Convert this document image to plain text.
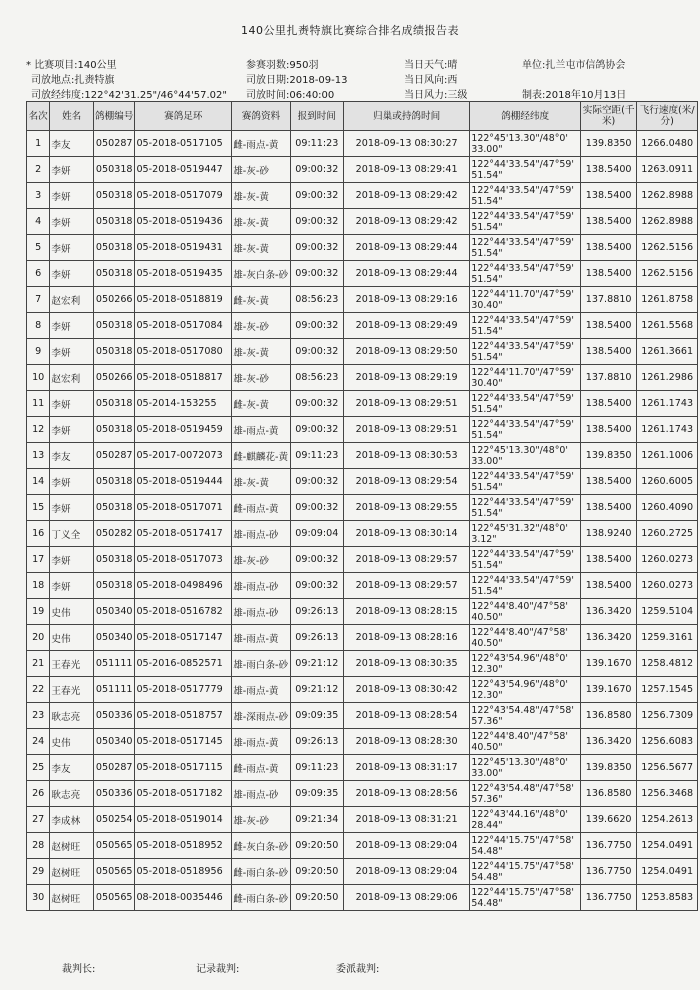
140公里扎赉特旗比赛综合排名成绩报告表
* 比赛项目:140公里	参赛羽数:950羽	当日天气:晴	单位:扎兰屯市信鸽协会
司放地点:扎赉特旗	司放日期:2018-09-13	当日风向:西
司放经纬度:122°42'31.25"/46°44'57.02" 司放时间:06:40:00	当日风力:三级	制表:2018年10月13日
名次	姓名	鸽棚编号	赛鸽足环	赛鸽资料	报到时间	归巢或持鸽时间	鸽棚经纬度	实际空距(千米)	飞行速度(米/分)
1	李友	050287	05-2018-0517105	雌-雨点-黄	09:11:23	2018-09-13 08:30:27	122°45'13.30"/48°0' 33.00"	139.8350	1266.0480
2	李妍	050318	05-2018-0519447	雄-灰-砂	09:00:32	2018-09-13 08:29:41	122°44'33.54"/47°59' 51.54"	138.5400	1263.0911
3	李妍	050318	05-2018-0517079	雄-灰-黄	09:00:32	2018-09-13 08:29:42	122°44'33.54"/47°59' 51.54"	138.5400	1262.8988
4	李妍	050318	05-2018-0519436	雄-灰-黄	09:00:32	2018-09-13 08:29:42	122°44'33.54"/47°59' 51.54"	138.5400	1262.8988
5	李妍	050318	05-2018-0519431	雄-灰-黄	09:00:32	2018-09-13 08:29:44	122°44'33.54"/47°59' 51.54"	138.5400	1262.5156
6	李妍	050318	05-2018-0519435	雄-灰白条-砂	09:00:32	2018-09-13 08:29:44	122°44'33.54"/47°59' 51.54"	138.5400	1262.5156
7	赵宏利	050266	05-2018-0518819	雌-灰-黄	08:56:23	2018-09-13 08:29:16	122°44'11.70"/47°59' 30.40"	137.8810	1261.8758
8	李妍	050318	05-2018-0517084	雄-灰-砂	09:00:32	2018-09-13 08:29:49	122°44'33.54"/47°59' 51.54"	138.5400	1261.5568
9	李妍	050318	05-2018-0517080	雄-灰-黄	09:00:32	2018-09-13 08:29:50	122°44'33.54"/47°59' 51.54"	138.5400	1261.3661
10	赵宏利	050266	05-2018-0518817	雄-灰-砂	08:56:23	2018-09-13 08:29:19	122°44'11.70"/47°59' 30.40"	137.8810	1261.2986
11	李妍	050318	05-2014-153255	雌-灰-黄	09:00:32	2018-09-13 08:29:51	122°44'33.54"/47°59' 51.54"	138.5400	1261.1743
12	李妍	050318	05-2018-0519459	雄-雨点-黄	09:00:32	2018-09-13 08:29:51	122°44'33.54"/47°59' 51.54"	138.5400	1261.1743
13	李友	050287	05-2017-0072073	雌-麒麟花-黄	09:11:23	2018-09-13 08:30:53	122°45'13.30"/48°0' 33.00"	139.8350	1261.1006
14	李妍	050318	05-2018-0519444	雄-灰-黄	09:00:32	2018-09-13 08:29:54	122°44'33.54"/47°59' 51.54"	138.5400	1260.6005
15	李妍	050318	05-2018-0517071	雌-雨点-黄	09:00:32	2018-09-13 08:29:55	122°44'33.54"/47°59' 51.54"	138.5400	1260.4090
16	丁义全	050282	05-2018-0517417	雄-雨点-砂	09:09:04	2018-09-13 08:30:14	122°45'31.32"/48°0' 3.12"	138.9240	1260.2725
17	李妍	050318	05-2018-0517073	雄-灰-砂	09:00:32	2018-09-13 08:29:57	122°44'33.54"/47°59' 51.54"	138.5400	1260.0273
18	李妍	050318	05-2018-0498496	雄-雨点-砂	09:00:32	2018-09-13 08:29:57	122°44'33.54"/47°59' 51.54"	138.5400	1260.0273
19	史伟	050340	05-2018-0516782	雄-雨点-砂	09:26:13	2018-09-13 08:28:15	122°44'8.40"/47°58' 40.50"	136.3420	1259.5104
20	史伟	050340	05-2018-0517147	雄-雨点-黄	09:26:13	2018-09-13 08:28:16	122°44'8.40"/47°58' 40.50"	136.3420	1259.3161
21	王春光	051111	05-2016-0852571	雄-雨白条-砂	09:21:12	2018-09-13 08:30:35	122°43'54.96"/48°0' 12.30"	139.1670	1258.4812
22	王春光	051111	05-2018-0517779	雄-雨点-黄	09:21:12	2018-09-13 08:30:42	122°43'54.96"/48°0' 12.30"	139.1670	1257.1545
23	耿志亮	050336	05-2018-0518757	雄-深雨点-砂	09:09:35	2018-09-13 08:28:54	122°43'54.48"/47°58' 57.36"	136.8580	1256.7309
24	史伟	050340	05-2018-0517145	雄-雨点-黄	09:26:13	2018-09-13 08:28:30	122°44'8.40"/47°58' 40.50"	136.3420	1256.6083
25	李友	050287	05-2018-0517115	雌-雨点-黄	09:11:23	2018-09-13 08:31:17	122°45'13.30"/48°0' 33.00"	139.8350	1256.5677
26	耿志亮	050336	05-2018-0517182	雄-雨点-砂	09:09:35	2018-09-13 08:28:56	122°43'54.48"/47°58' 57.36"	136.8580	1256.3468
27	李成林	050254	05-2018-0519014	雄-灰-砂	09:21:34	2018-09-13 08:31:21	122°43'44.16"/48°0' 28.44"	139.6620	1254.2613
28	赵树旺	050565	05-2018-0518952	雌-灰白条-砂	09:20:50	2018-09-13 08:29:04	122°44'15.75"/47°58' 54.48"	136.7750	1254.0491
29	赵树旺	050565	05-2018-0518956	雌-雨白条-砂	09:20:50	2018-09-13 08:29:04	122°44'15.75"/47°58' 54.48"	136.7750	1254.0491
30	赵树旺	050565	08-2018-0035446	雌-雨白条-砂	09:20:50	2018-09-13 08:29:06	122°44'15.75"/47°58' 54.48"	136.7750	1253.8583
裁判长:	记录裁判:	委派裁判:
